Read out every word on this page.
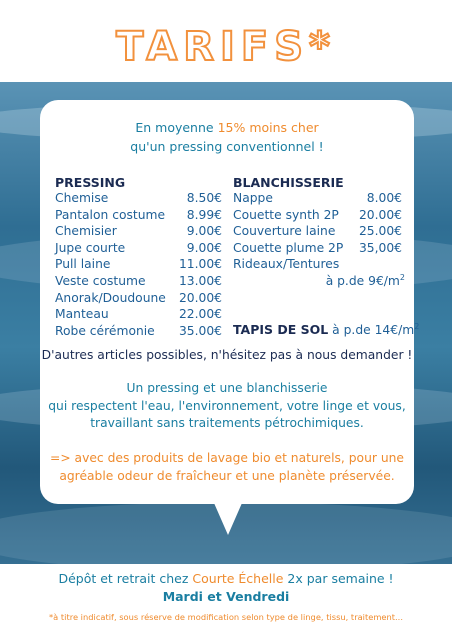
TARIFS*
En moyenne 15% moins cher
qu'un pressing conventionnel !
PRESSING
Chemise	8.50€
Pantalon costume 8.99€
Chemisier	9.00€
Jupe courte	9.00€
Pull laine	11.00€
Veste costume	13.00€
Anorak/Doudoune 20.00€
Manteau	22.00€
Robe cérémonie 35.00€
BLANCHISSERIE
Nappe	8.00€
Couette synth 2P 20.00€
Couverture laine 25.00€
Couette plume 2P 35,00€
Rideaux/Tentures
à p.de $9€/m^2$
TAPIS DE SOL à p.de $14€/m^2$
D'autres articles possibles, n'hésitez pas à nous demander !
Un pressing et une blanchisserie
qui respectent l'eau, l'environnement, votre linge et vous,
travaillant sans traitements pétrochimiques.
=> avec des produits de lavage bio et naturels, pour une
agréable odeur de fraîcheur et une planète préservée.
Dépôt et retrait chez Courte Échelle 2x par semaine !
Mardi et Vendredi
*à titre indicatif, sous réserve de modification selon type de linge, tissu, traitement...
